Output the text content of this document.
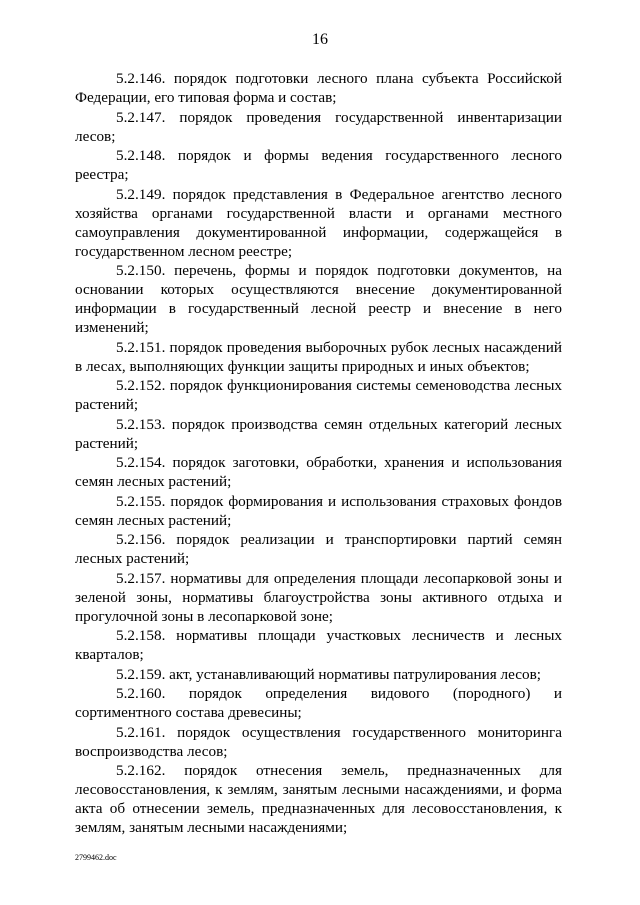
16

5.2.146. порядок подготовки лесного плана субъекта Российской Федерации, его типовая форма и состав;

5.2.147. порядок проведения государственной инвентаризации лесов;

5.2.148. порядок и формы ведения государственного лесного реестра;

5.2.149. порядок представления в Федеральное агентство лесного хозяйства органами государственной власти и органами местного самоуправления документированной информации, содержащейся в государственном лесном реестре;

5.2.150. перечень, формы и порядок подготовки документов, на основании которых осуществляются внесение документированной информации в государственный лесной реестр и внесение в него изменений;

5.2.151. порядок проведения выборочных рубок лесных насаждений в лесах, выполняющих функции защиты природных и иных объектов;

5.2.152. порядок функционирования системы семеноводства лесных растений;

5.2.153. порядок производства семян отдельных категорий лесных растений;

5.2.154. порядок заготовки, обработки, хранения и использования семян лесных растений;

5.2.155. порядок формирования и использования страховых фондов семян лесных растений;

5.2.156. порядок реализации и транспортировки партий семян лесных растений;

5.2.157. нормативы для определения площади лесопарковой зоны и зеленой зоны, нормативы благоустройства зоны активного отдыха и прогулочной зоны в лесопарковой зоне;

5.2.158. нормативы площади участковых лесничеств и лесных кварталов;

5.2.159. акт, устанавливающий нормативы патрулирования лесов;

5.2.160. порядок определения видового (породного) и сортиментного состава древесины;

5.2.161. порядок осуществления государственного мониторинга воспроизводства лесов;

5.2.162. порядок отнесения земель, предназначенных для лесовосстановления, к землям, занятым лесными насаждениями, и форма акта об отнесении земель, предназначенных для лесовосстановления, к землям, занятым лесными насаждениями;

2799462.doc
